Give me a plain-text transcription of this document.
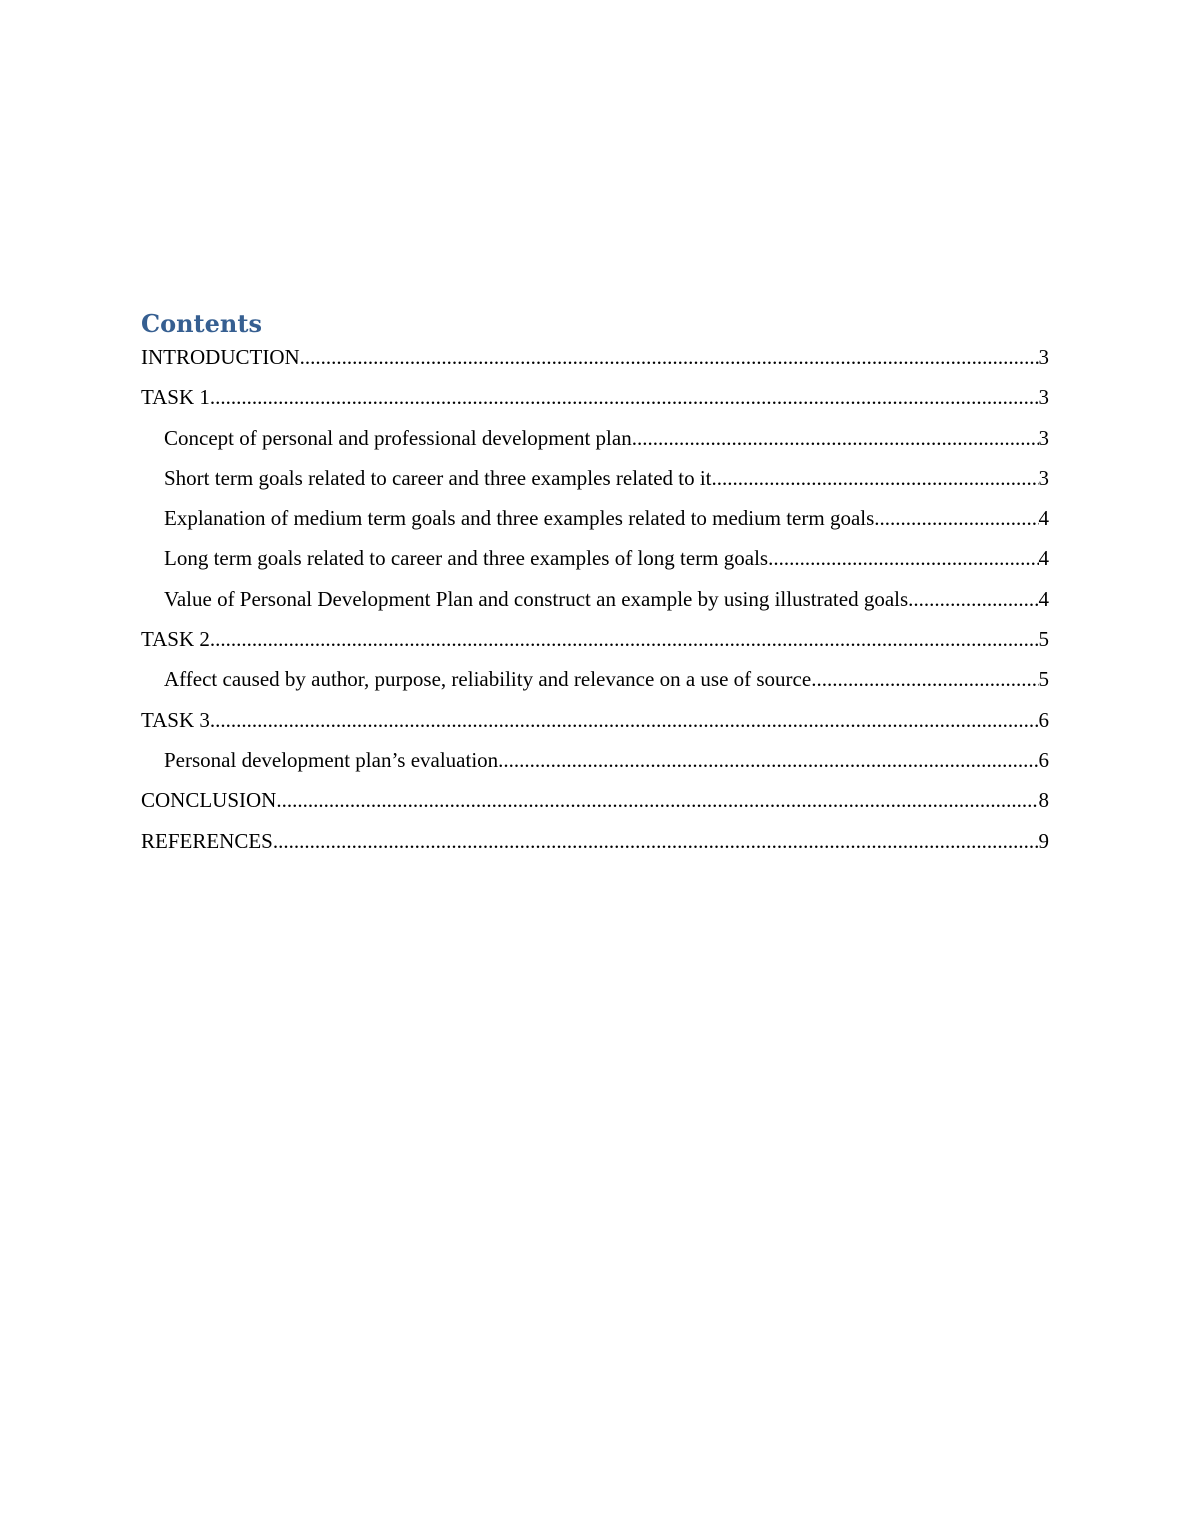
Contents
INTRODUCTION .....	3
TASK 1 .....	3
Concept of personal and professional development plan .....	3
Short term goals related to career and three examples related to it .....	3
Explanation of medium term goals and three examples related to medium term goals .....	4
Long term goals related to career and three examples of long term goals .....	4
Value of Personal Development Plan and construct an example by using illustrated goals .....	4
TASK 2 .....	5
Affect caused by author, purpose, reliability and relevance on a use of source .....	5
TASK 3 .....	6
Personal development plan’s evaluation .....	6
CONCLUSION .....	8
REFERENCES .....	9
